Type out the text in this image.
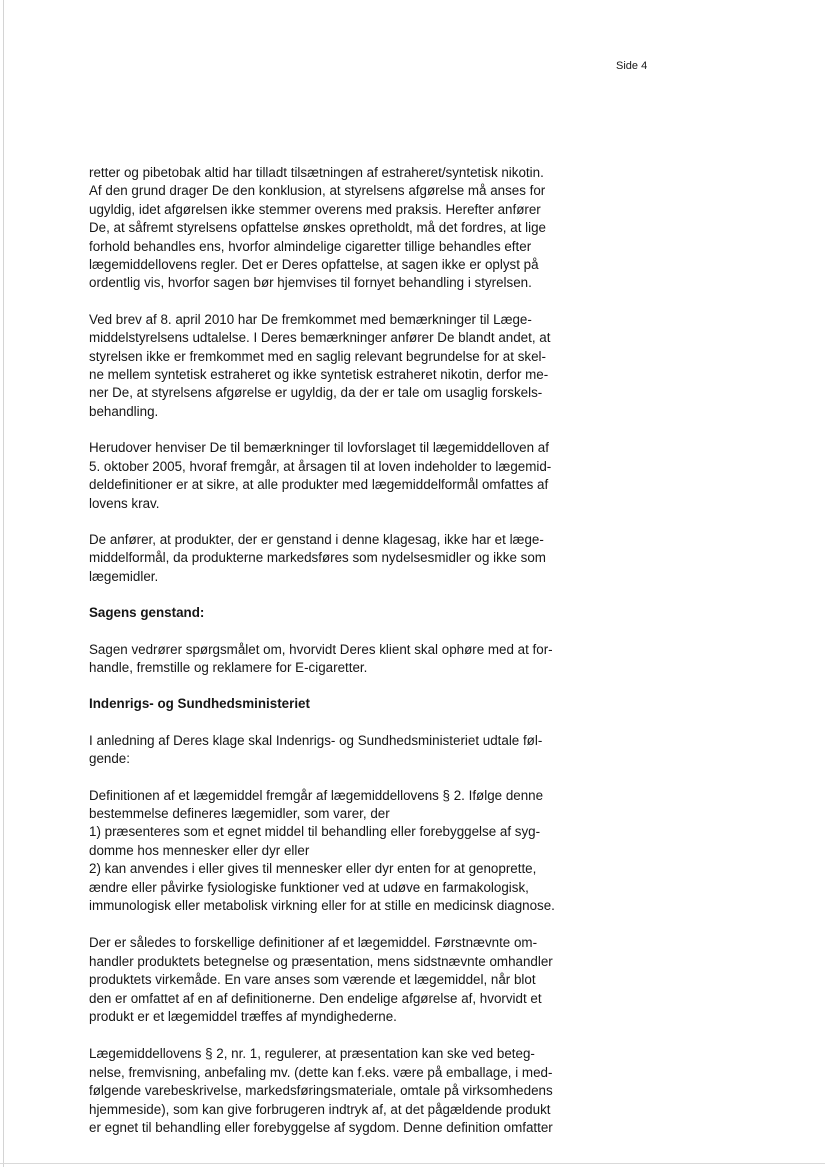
Side 4

retter og pibetobak altid har tilladt tilsætningen af estraheret/syntetisk nikotin.
Af den grund drager De den konklusion, at styrelsens afgørelse må anses for
ugyldig, idet afgørelsen ikke stemmer overens med praksis. Herefter anfører
De, at såfremt styrelsens opfattelse ønskes opretholdt, må det fordres, at lige
forhold behandles ens, hvorfor almindelige cigaretter tillige behandles efter
lægemiddellovens regler. Det er Deres opfattelse, at sagen ikke er oplyst på
ordentlig vis, hvorfor sagen bør hjemvises til fornyet behandling i styrelsen.

Ved brev af 8. april 2010 har De fremkommet med bemærkninger til Læge-
middelstyrelsens udtalelse. I Deres bemærkninger anfører De blandt andet, at
styrelsen ikke er fremkommet med en saglig relevant begrundelse for at skel-
ne mellem syntetisk estraheret og ikke syntetisk estraheret nikotin, derfor me-
ner De, at styrelsens afgørelse er ugyldig, da der er tale om usaglig forskels-
behandling.

Herudover henviser De til bemærkninger til lovforslaget til lægemiddelloven af
5. oktober 2005, hvoraf fremgår, at årsagen til at loven indeholder to lægemid-
deldefinitioner er at sikre, at alle produkter med lægemiddelformål omfattes af
lovens krav.

De anfører, at produkter, der er genstand i denne klagesag, ikke har et læge-
middelformål, da produkterne markedsføres som nydelsesmidler og ikke som
lægemidler.

Sagens genstand:

Sagen vedrører spørgsmålet om, hvorvidt Deres klient skal ophøre med at for-
handle, fremstille og reklamere for E-cigaretter.

Indenrigs- og Sundhedsministeriet

I anledning af Deres klage skal Indenrigs- og Sundhedsministeriet udtale føl-
gende:

Definitionen af et lægemiddel fremgår af lægemiddellovens § 2. Ifølge denne
bestemmelse defineres lægemidler, som varer, der
1) præsenteres som et egnet middel til behandling eller forebyggelse af syg-
domme hos mennesker eller dyr eller
2) kan anvendes i eller gives til mennesker eller dyr enten for at genoprette,
ændre eller påvirke fysiologiske funktioner ved at udøve en farmakologisk,
immunologisk eller metabolisk virkning eller for at stille en medicinsk diagnose.

Der er således to forskellige definitioner af et lægemiddel. Førstnævnte om-
handler produktets betegnelse og præsentation, mens sidstnævnte omhandler
produktets virkemåde. En vare anses som værende et lægemiddel, når blot
den er omfattet af en af definitionerne. Den endelige afgørelse af, hvorvidt et
produkt er et lægemiddel træffes af myndighederne.

Lægemiddellovens § 2, nr. 1, regulerer, at præsentation kan ske ved beteg-
nelse, fremvisning, anbefaling mv. (dette kan f.eks. være på emballage, i med-
følgende varebeskrivelse, markedsføringsmateriale, omtale på virksomhedens
hjemmeside), som kan give forbrugeren indtryk af, at det pågældende produkt
er egnet til behandling eller forebyggelse af sygdom. Denne definition omfatter
